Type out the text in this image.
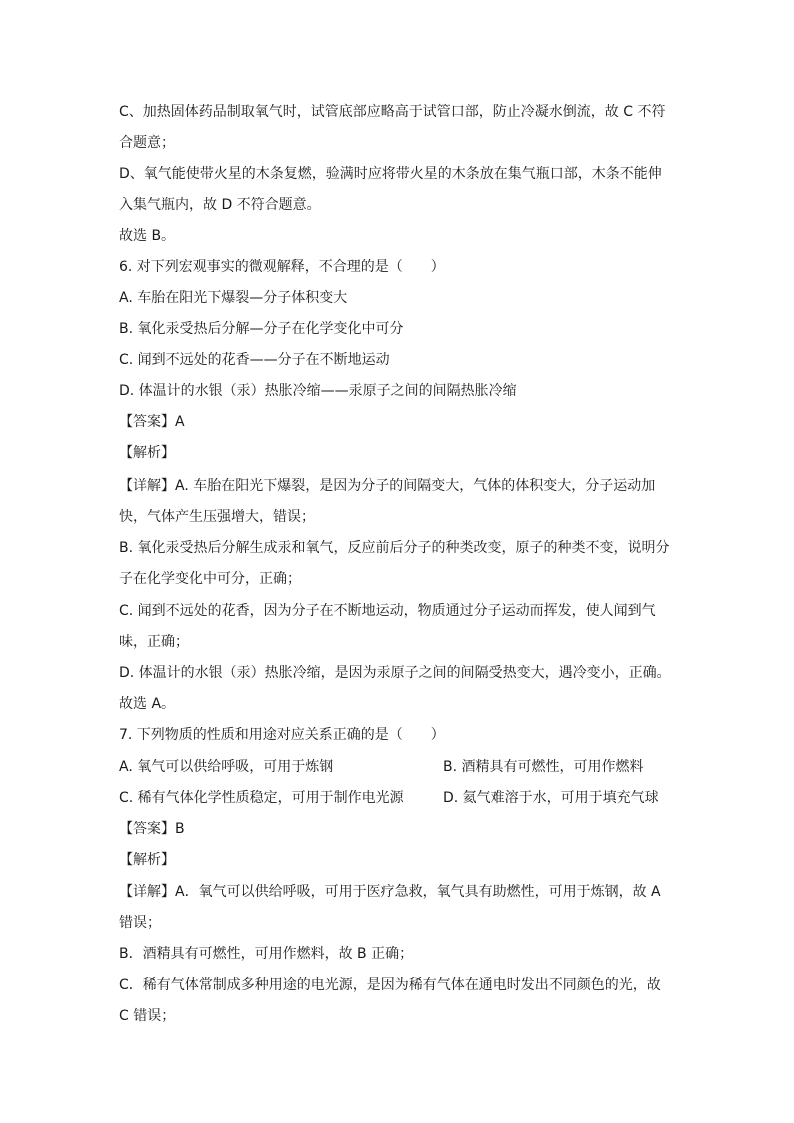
C、加热固体药品制取氧气时，试管底部应略高于试管口部，防止冷凝水倒流，故 C 不符
合题意；
D、氧气能使带火星的木条复燃，验满时应将带火星的木条放在集气瓶口部，木条不能伸
入集气瓶内，故 D 不符合题意。
故选 B。
6. 对下列宏观事实的微观解释，不合理的是（　　）
A. 车胎在阳光下爆裂—分子体积变大
B. 氧化汞受热后分解—分子在化学变化中可分
C. 闻到不远处的花香——分子在不断地运动
D. 体温计的水银（汞）热胀冷缩——汞原子之间的间隔热胀冷缩
【答案】A
【解析】
【详解】A. 车胎在阳光下爆裂，是因为分子的间隔变大，气体的体积变大，分子运动加
快，气体产生压强增大，错误；
B. 氧化汞受热后分解生成汞和氧气，反应前后分子的种类改变，原子的种类不变，说明分
子在化学变化中可分，正确；
C. 闻到不远处的花香，因为分子在不断地运动，物质通过分子运动而挥发，使人闻到气
味，正确；
D. 体温计的水银（汞）热胀冷缩，是因为汞原子之间的间隔受热变大，遇冷变小，正确。
故选 A。
7. 下列物质的性质和用途对应关系正确的是（　　）
A. 氧气可以供给呼吸，可用于炼钢	B. 酒精具有可燃性，可用作燃料
C. 稀有气体化学性质稳定，可用于制作电光源	D. 氦气难溶于水，可用于填充气球
【答案】B
【解析】
【详解】A．氧气可以供给呼吸，可用于医疗急救，氧气具有助燃性，可用于炼钢，故 A
错误；
B．酒精具有可燃性，可用作燃料，故 B 正确；
C．稀有气体常制成多种用途的电光源，是因为稀有气体在通电时发出不同颜色的光，故
C 错误；
